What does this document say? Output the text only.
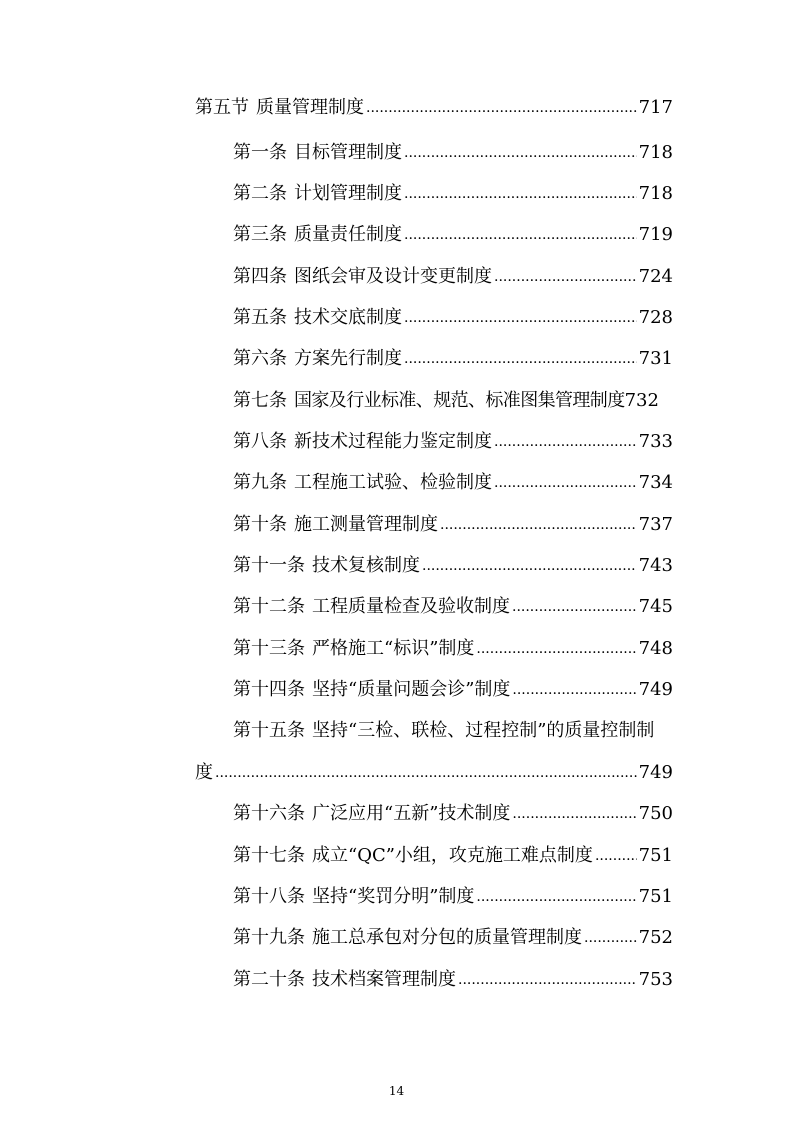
第五节 质量管理制度 .....	717
第一条 目标管理制度 .....	718
第二条 计划管理制度 .....	718
第三条 质量责任制度 .....	719
第四条 图纸会审及设计变更制度 .....	724
第五条 技术交底制度 .....	728
第六条 方案先行制度 .....	731
第七条 国家及行业标准、规范、标准图集管理制度 732
第八条 新技术过程能力鉴定制度 .....	733
第九条 工程施工试验、检验制度 .....	734
第十条 施工测量管理制度 .....	737
第十一条 技术复核制度 .....	743
第十二条 工程质量检查及验收制度 .....	745
第十三条 严格施工“标识”制度 .....	748
第十四条 坚持“质量问题会诊”制度 .....	749
第十五条 坚持“三检、联检、过程控制”的质量控制制
度 .....	749
第十六条 广泛应用“五新”技术制度 .....	750
第十七条 成立“QC”小组，攻克施工难点制度 .....	751
第十八条 坚持“奖罚分明”制度 .....	751
第十九条 施工总承包对分包的质量管理制度 .....	752
第二十条 技术档案管理制度 .....	753
14
